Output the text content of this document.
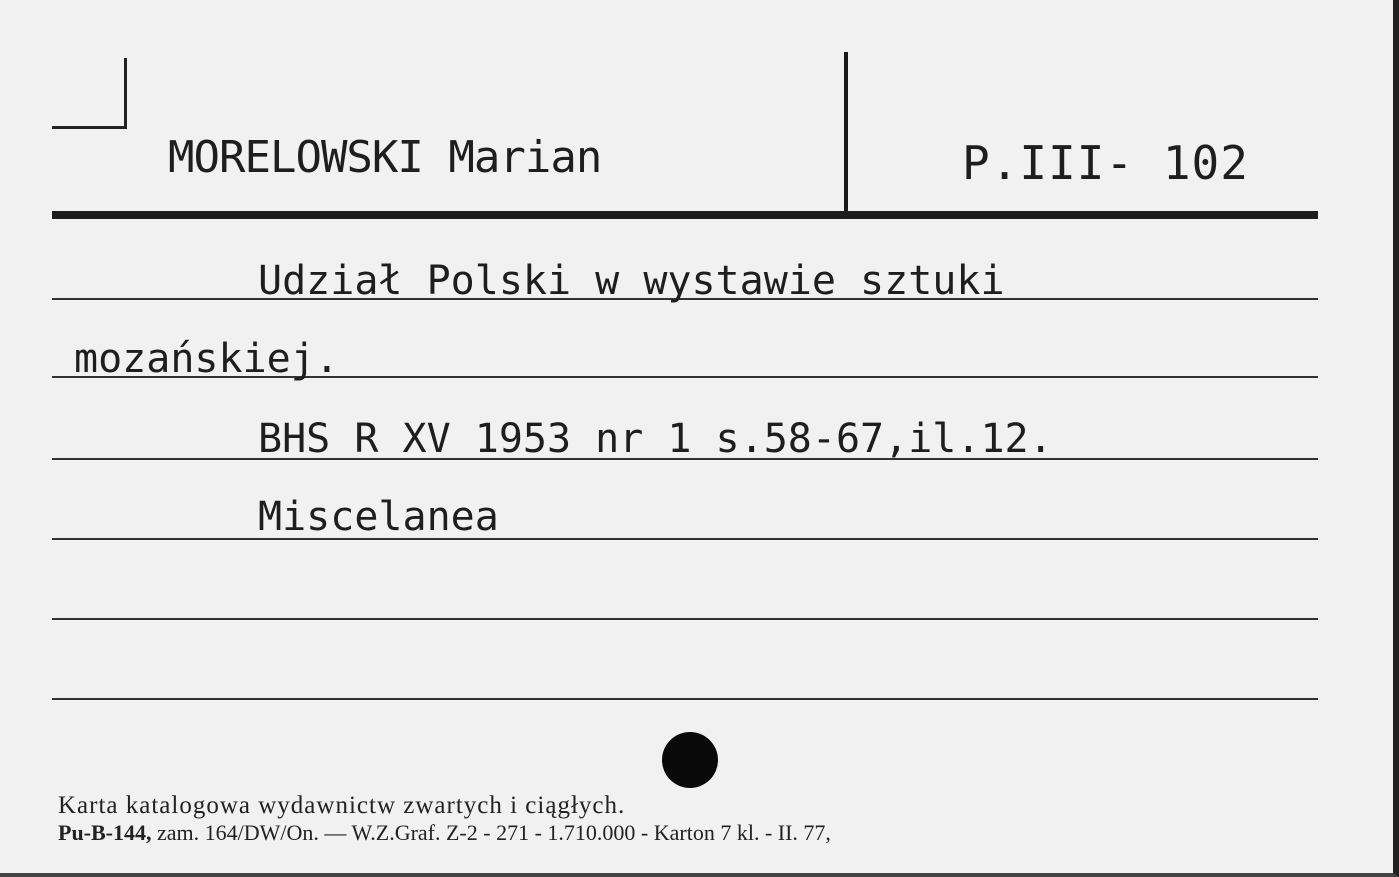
MORELOWSKI Marian	P.III- 102
Udział Polski w wystawie sztuki
mozańskiej.
BHS R XV 1953 nr 1 s.58-67,il.12.
Miscelanea
Karta katalogowa wydawnictw zwartych i ciągłych.
Pu-B-144, zam. 164/DW/On. — W.Z.Graf. Z-2 - 271 - 1.710.000 - Karton 7 kl. - II. 77,
